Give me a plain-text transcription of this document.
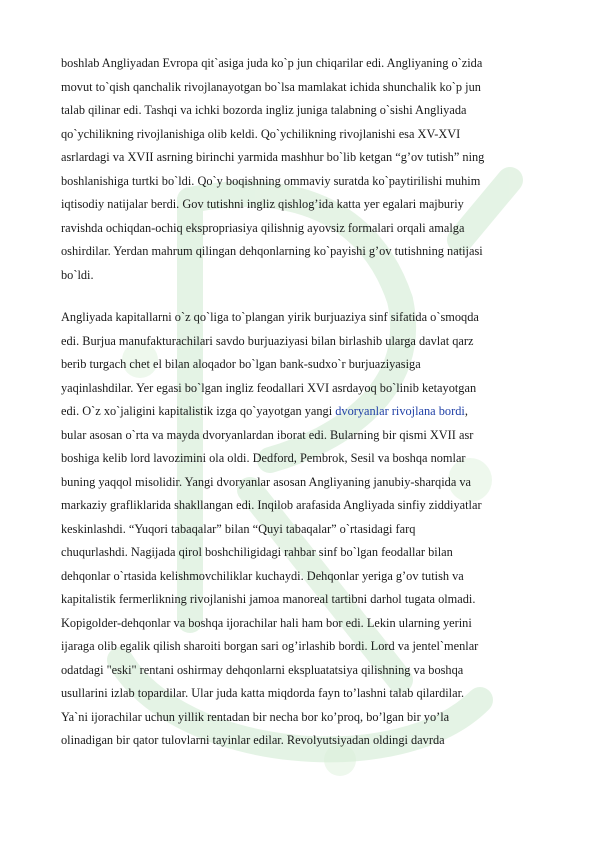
boshlab Angliyadan Evropa qit`asiga juda ko`p jun chiqarilar edi. Angliyaning o`zida
movut to`qish qanchalik rivojlanayotgan bo`lsa mamlakat ichida shunchalik ko`p jun
talab qilinar edi. Tashqi va ichki bozorda ingliz juniga talabning o`sishi Angliyada
qo`ychilikning rivojlanishiga olib keldi. Qo`ychilikning rivojlanishi esa XV-XVI
asrlardagi va XVII asrning birinchi yarmida mashhur bo`lib ketgan “g’ov tutish” ning
boshlanishiga turtki bo`ldi. Qo`y boqishning ommaviy suratda ko`paytirilishi muhim
iqtisodiy natijalar berdi. Gov tutishni ingliz qishlog’ida katta yer egalari majburiy
ravishda ochiqdan-ochiq ekspropriasiya qilishnig ayovsiz formalari orqali amalga
oshirdilar. Yerdan mahrum qilingan dehqonlarning ko`payishi g’ov tutishning natijasi
bo`ldi.
Angliyada kapitallarni o`z qo`liga to`plangan yirik burjuaziya sinf sifatida o`smoqda
edi. Burjua manufakturachilari savdo burjuaziyasi bilan birlashib ularga davlat qarz
berib turgach chet el bilan aloqador bo`lgan bank-sudxo`r burjuaziyasiga
yaqinlashdilar. Yer egasi bo`lgan ingliz feodallari XVI asrdayoq bo`linib ketayotgan
edi. O`z xo`jaligini kapitalistik izga qo`yayotgan yangi dvoryanlar rivojlana bordi,
bular asosan o`rta va mayda dvoryanlardan iborat edi. Bularning bir qismi XVII asr
boshiga kelib lord lavozimini ola oldi. Dedford, Pembrok, Sesil va boshqa nomlar
buning yaqqol misolidir. Yangi dvoryanlar asosan Angliyaning janubiy-sharqida va
markaziy grafliklarida shakllangan edi. Inqilob arafasida Angliyada sinfiy ziddiyatlar
keskinlashdi. “Yuqori tabaqalar” bilan “Quyi tabaqalar” o`rtasidagi farq
chuqurlashdi. Nagijada qirol boshchiligidagi rahbar sinf bo`lgan feodallar bilan
dehqonlar o`rtasida kelishmovchiliklar kuchaydi. Dehqonlar yeriga g’ov tutish va
kapitalistik fermerlikning rivojlanishi jamoa manoreal tartibni darhol tugata olmadi.
Kopigolder-dehqonlar va boshqa ijorachilar hali ham bor edi. Lekin ularning yerini
ijaraga olib egalik qilish sharoiti borgan sari og’irlashib bordi. Lord va jentel`menlar
odatdagi "eski" rentani oshirmay dehqonlarni ekspluatatsiya qilishning va boshqa
usullarini izlab topardilar. Ular juda katta miqdorda fayn to’lashni talab qilardilar.
Ya`ni ijorachilar uchun yillik rentadan bir necha bor ko’proq, bo’lgan bir yo’la
olinadigan bir qator tulovlarni tayinlar edilar. Revolyutsiyadan oldingi davrda
